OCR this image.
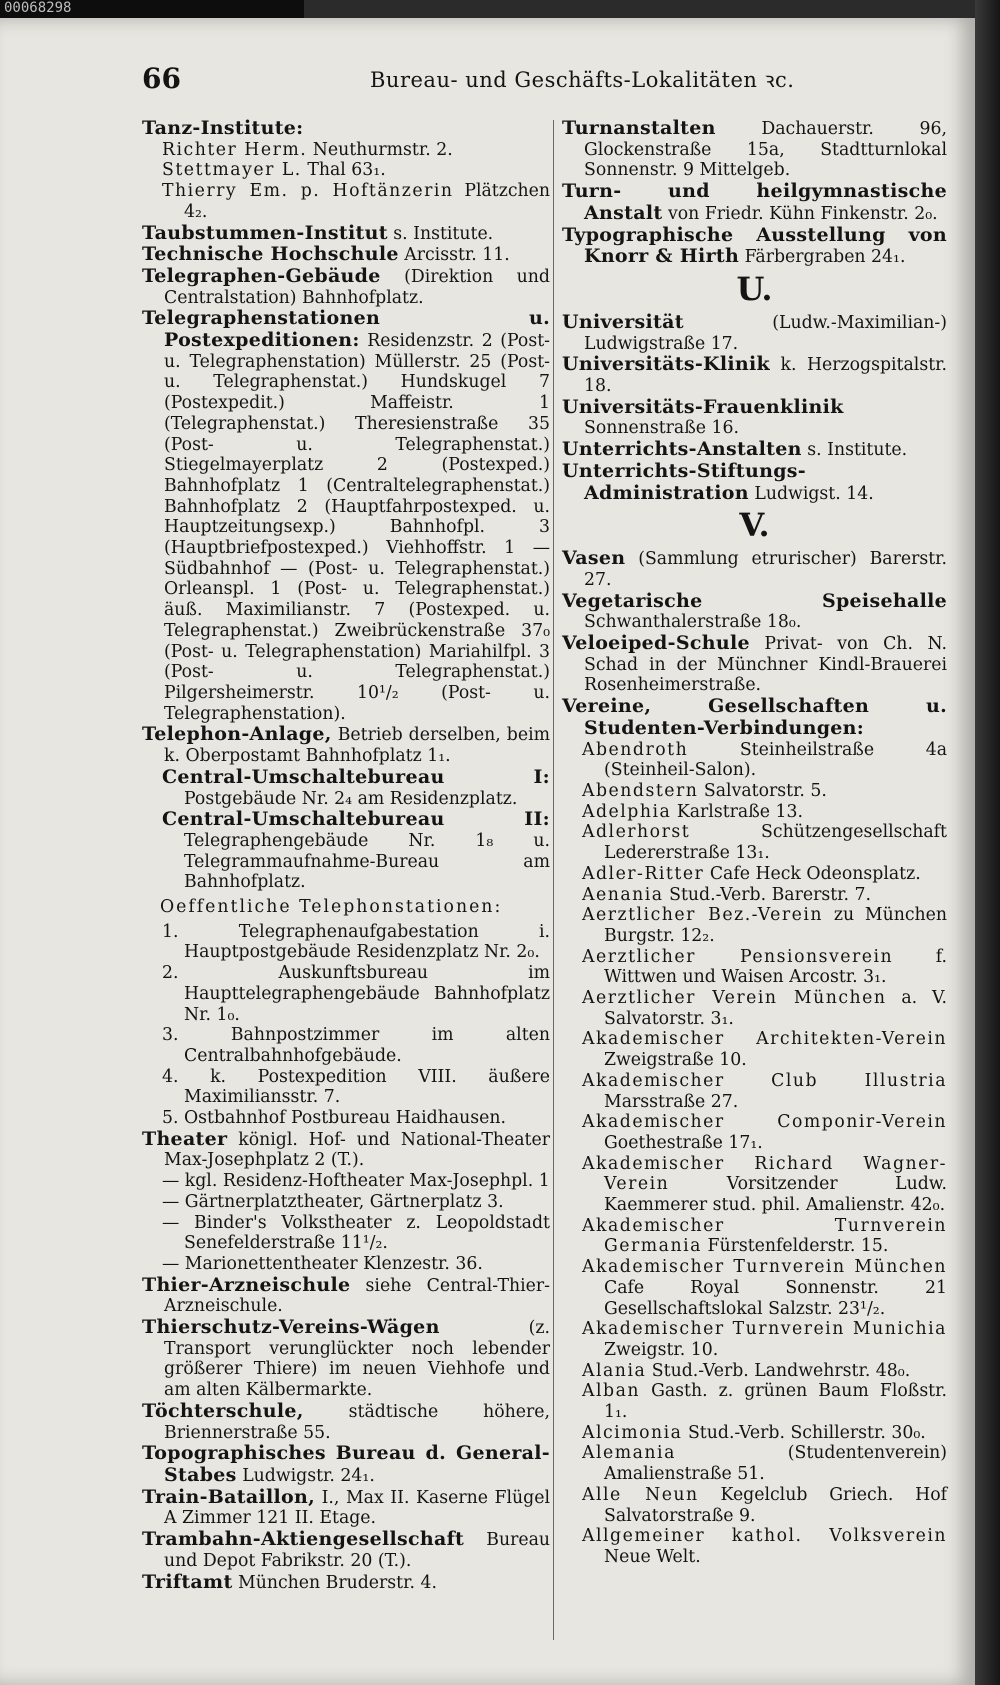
00068298
66	Bureau- und Geschäfts-Lokalitäten ꝛc.

Tanz-Institute:

Richter Herm. Neuthurmstr. 2.

Stettmayer L. Thal 63₁.

Thierry Em. p. Hoftänzerin Plätzchen 4₂.

Taubstummen-Institut s. Institute.

Technische Hochschule Arcisstr. 11.

Telegraphen-Gebäude (Direktion und Centralstation) Bahnhofplatz.

Telegraphenstationen u. Postexpeditionen: Residenzstr. 2 (Post- u. Telegraphenstation) Müllerstr. 25 (Post- u. Telegraphenstat.) Hundskugel 7 (Postexpedit.) Maffeistr. 1 (Telegraphenstat.) Theresienstraße 35 (Post- u. Telegraphenstat.) Stiegelmayerplatz 2 (Postexped.) Bahnhofplatz 1 (Centraltelegraphenstat.) Bahnhofplatz 2 (Hauptfahrpostexped. u. Hauptzeitungsexp.) Bahnhofpl. 3 (Hauptbriefpostexped.) Viehhoffstr. 1 — Südbahnhof — (Post- u. Telegraphenstat.) Orleanspl. 1 (Post- u. Telegraphenstat.) äuß. Maximilianstr. 7 (Postexped. u. Telegraphenstat.) Zweibrückenstraße 37₀ (Post- u. Telegraphenstation) Mariahilfpl. 3 (Post- u. Telegraphenstat.) Pilgersheimerstr. 10¹/₂ (Post- u. Telegraphenstation).

Telephon-Anlage, Betrieb derselben, beim k. Oberpostamt Bahnhofplatz 1₁.

Central-Umschaltebureau I: Postgebäude Nr. 2₄ am Residenzplatz.

Central-Umschaltebureau II: Telegraphengebäude Nr. 1₈ u. Telegrammaufnahme-Bureau am Bahnhofplatz.

Oeffentliche Telephonstationen:

1. Telegraphenaufgabestation i. Hauptpostgebäude Residenzplatz Nr. 2₀.

2. Auskunftsbureau im Haupttelegraphengebäude Bahnhofplatz Nr. 1₀.

3. Bahnpostzimmer im alten Centralbahnhofgebäude.

4. k. Postexpedition VIII. äußere Maximiliansstr. 7.

5. Ostbahnhof Postbureau Haidhausen.

Theater königl. Hof- und National-Theater Max-Josephplatz 2 (T.).

— kgl. Residenz-Hoftheater Max-Josephpl. 1

— Gärtnerplatztheater, Gärtnerplatz 3.

— Binder's Volkstheater z. Leopoldstadt Senefelderstraße 11¹/₂.

— Marionettentheater Klenzestr. 36.

Thier-Arzneischule siehe Central-Thier-Arzneischule.

Thierschutz-Vereins-Wägen	(z. Transport verunglückter noch lebender größerer Thiere) im neuen Viehhofe und am alten Kälbermarkte.

Töchterschule,	städtische höhere, Briennerstraße 55.

Topographisches Bureau d. General-Stabes Ludwigstr. 24₁.

Train-Bataillon, I., Max II. Kaserne Flügel A Zimmer 121 II. Etage.

Trambahn-Aktiengesellschaft Bureau und Depot Fabrikstr. 20 (T.).

Triftamt München Bruderstr. 4.

Turnanstalten	Dachauerstr. 96, Glockenstraße 15a, Stadtturnlokal Sonnenstr. 9 Mittelgeb.

Turn- und heilgymnastische Anstalt von Friedr. Kühn Finkenstr. 2₀.

Typographische Ausstellung von Knorr & Hirth Färbergraben 24₁.

U.

Universität	(Ludw.-Maximilian-) Ludwigstraße 17.

Universitäts-Klinik k. Herzogspitalstr. 18.

Universitäts-Frauenklinik Sonnenstraße 16.

Unterrichts-Anstalten s. Institute.

Unterrichts-Stiftungs-Administration Ludwigst. 14.

V.

Vasen (Sammlung etrurischer) Barerstr. 27.

Vegetarische Speisehalle Schwanthalerstraße 18₀.

Veloeiped-Schule Privat- von Ch. N. Schad in der Münchner Kindl-Brauerei Rosenheimerstraße.

Vereine, Gesellschaften u. Studenten-Verbindungen:

Abendroth	Steinheilstraße 4a (Steinheil-Salon).

Abendstern Salvatorstr. 5.

Adelphia Karlstraße 13.

Adlerhorst	Schützengesellschaft Ledererstraße 13₁.

Adler-Ritter Cafe Heck Odeonsplatz.

Aenania Stud.-Verb. Barerstr. 7.

Aerztlicher Bez.-Verein zu München Burgstr. 12₂.

Aerztlicher Pensionsverein f. Wittwen und Waisen Arcostr. 3₁.

Aerztlicher Verein München a. V. Salvatorstr. 3₁.

Akademischer Architekten-Verein Zweigstraße 10.

Akademischer Club Illustria Marsstraße 27.

Akademischer Componir-Verein Goethestraße 17₁.

Akademischer Richard Wagner-Verein	Vorsitzender Ludw. Kaemmerer stud. phil. Amalienstr. 42₀.

Akademischer Turnverein Germania Fürstenfelderstr. 15.

Akademischer Turnverein München Cafe Royal Sonnenstr. 21 Gesellschaftslokal Salzstr. 23¹/₂.

Akademischer Turnverein Munichia Zweigstr. 10.

Alania Stud.-Verb. Landwehrstr. 48₀.

Alban Gasth. z. grünen Baum Floßstr. 1₁.

Alcimonia Stud.-Verb. Schillerstr. 30₀.

Alemania	(Studentenverein) Amalienstraße 51.

Alle Neun Kegelclub Griech. Hof Salvatorstraße 9.

Allgemeiner kathol. Volksverein Neue Welt.
